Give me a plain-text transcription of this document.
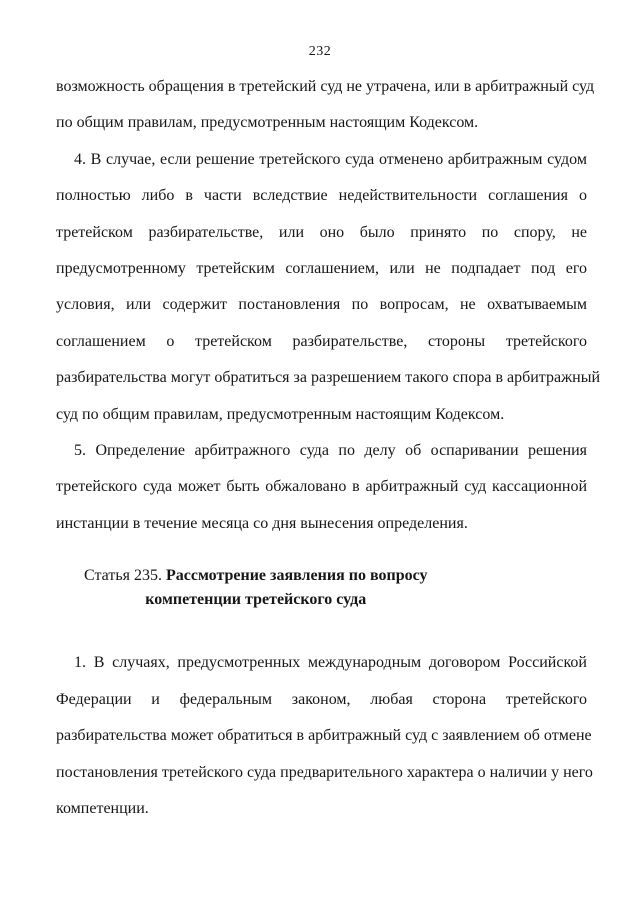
232
возможность обращения в третейский суд не утрачена, или в арбитражный суд
по общим правилам, предусмотренным настоящим Кодексом.
4. В случае, если решение третейского суда отменено арбитражным судом
полностью либо в части вследствие недействительности соглашения о
третейском разбирательстве, или оно было принято по спору, не
предусмотренному третейским соглашением, или не подпадает под его
условия, или содержит постановления по вопросам, не охватываемым
соглашением о третейском разбирательстве, стороны третейского
разбирательства могут обратиться за разрешением такого спора в арбитражный
суд по общим правилам, предусмотренным настоящим Кодексом.
5. Определение арбитражного суда по делу об оспаривании решения
третейского суда может быть обжаловано в арбитражный суд кассационной
инстанции в течение месяца со дня вынесения определения.
Статья 235. Рассмотрение заявления по вопросу
компетенции третейского суда
1. В случаях, предусмотренных международным договором Российской
Федерации и федеральным законом, любая сторона третейского
разбирательства может обратиться в арбитражный суд с заявлением об отмене
постановления третейского суда предварительного характера о наличии у него
компетенции.
